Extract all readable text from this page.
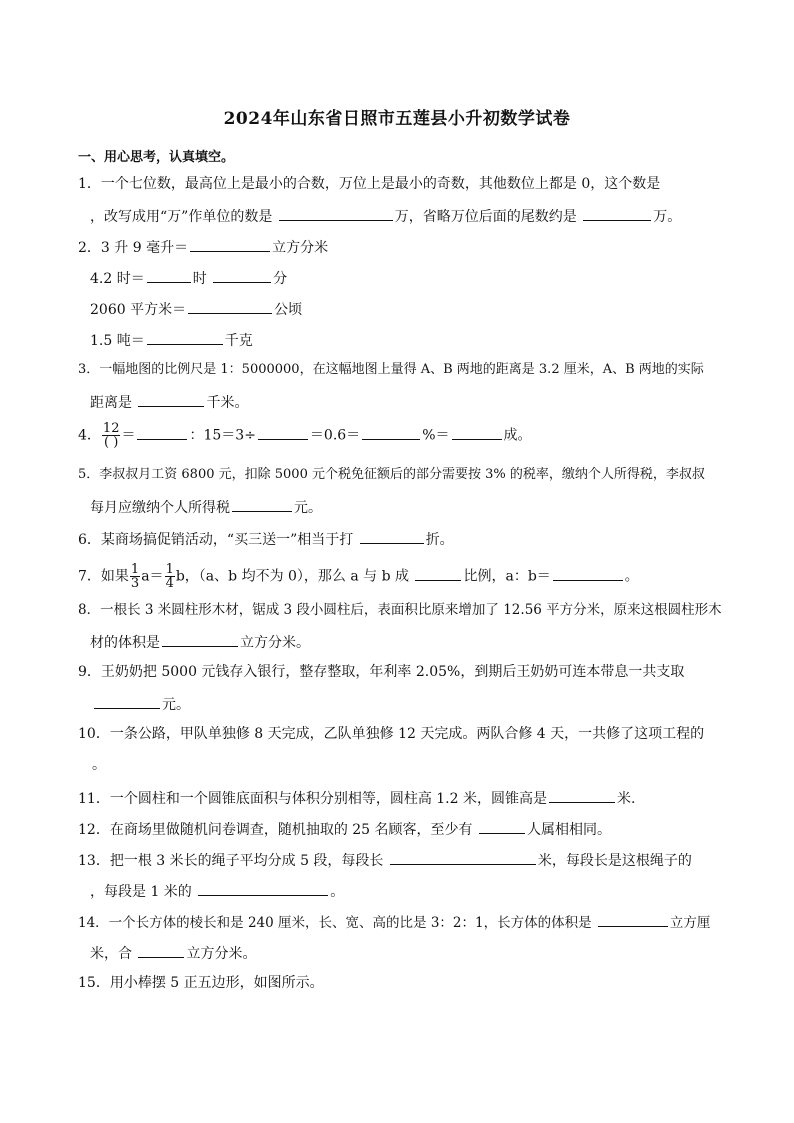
2024年山东省日照市五莲县小升初数学试卷
一、用心思考，认真填空。
1．一个七位数，最高位上是最小的合数，万位上是最小的奇数，其他数位上都是 0，这个数是
，改写成用“万”作单位的数是	万，省略万位后面的尾数约是	万。
2．3 升 9 毫升＝	立方分米
4.2 时＝	时	分
2060 平方米＝	公顷
1.5 吨＝	千克
3．一幅地图的比例尺是 1：5000000，在这幅地图上量得 A、B 两地的距离是 3.2 厘米，A、B 两地的实际
距离是	千米。
4． $\frac{12}{( )}$ ＝	：15＝3÷	＝0.6＝	%＝	成。
5．李叔叔月工资 6800 元，扣除 5000 元个税免征额后的部分需要按 3% 的税率，缴纳个人所得税，李叔叔
每月应缴纳个人所得税	元。
6．某商场搞促销活动，“买三送一”相当于打	折。
7．如果 $\frac{1}{3} a= \frac{1}{4}$ b，（a、b 均不为 0），那么 a 与 b 成	比例，a：b＝	。
8．一根长 3 米圆柱形木材，锯成 3 段小圆柱后，表面积比原来增加了 12.56 平方分米，原来这根圆柱形木
材的体积是	立方分米。
9．王奶奶把 5000 元钱存入银行，整存整取，年利率 2.05%，到期后王奶奶可连本带息一共支取
元。
10．一条公路，甲队单独修 8 天完成，乙队单独修 12 天完成。两队合修 4 天，一共修了这项工程的
。
11．一个圆柱和一个圆锥底面积与体积分别相等，圆柱高 1.2 米，圆锥高是	米.
12．在商场里做随机问卷调查，随机抽取的 25 名顾客，至少有	人属相相同。
13．把一根 3 米长的绳子平均分成 5 段，每段长	米，每段长是这根绳子的
，每段是 1 米的	。
14．一个长方体的棱长和是 240 厘米，长、宽、高的比是 3：2：1，长方体的体积是	立方厘
米，合	立方分米。
15．用小棒摆 5 正五边形，如图所示。
